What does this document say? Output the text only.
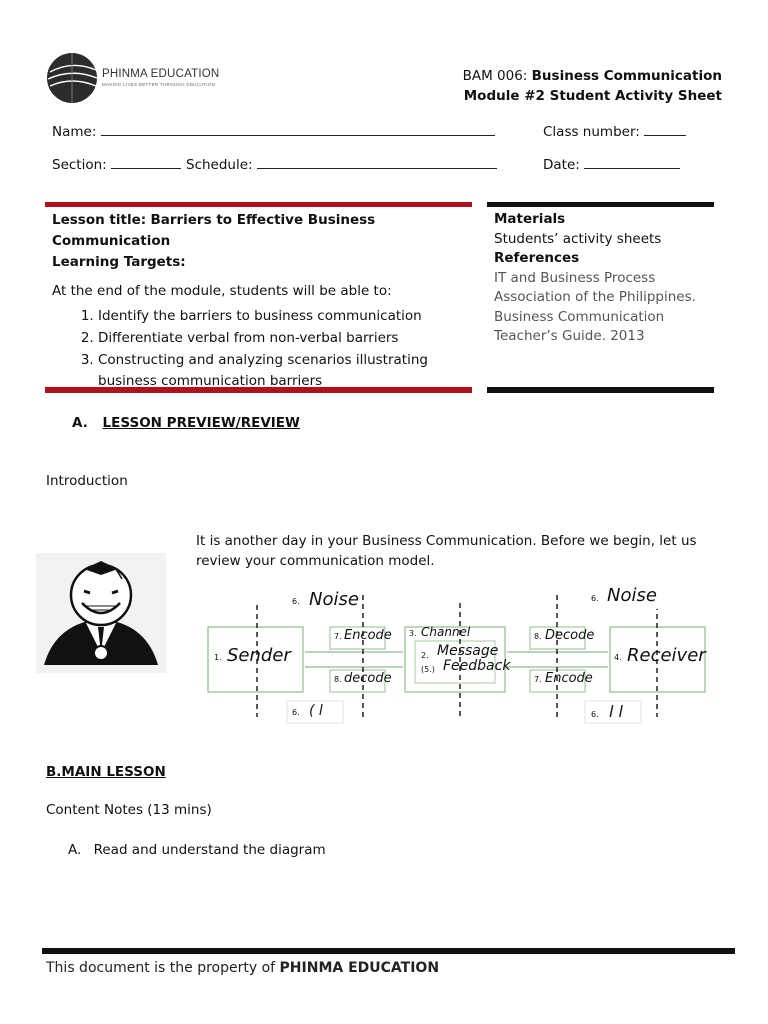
PHINMA EDUCATION
MAKING LIVES BETTER THROUGH EDUCATION
BAM 006: Business Communication
Module #2 Student Activity Sheet
Name:	Class number:
Section:	Schedule:	Date:
Lesson title: Barriers to Effective Business Communication
Learning Targets:
At the end of the module, students will be able to:
1. Identify the barriers to business communication
2. Differentiate verbal from non-verbal barriers
3. Constructing and analyzing scenarios illustrating business communication barriers
Materials
Students’ activity sheets
References
IT and Business Process Association of the Philippines. Business Communication Teacher’s Guide. 2013
A. LESSON PREVIEW/REVIEW
Introduction
It is another day in your Business Communication. Before we begin, let us review your communication model.
6. Noise
1. Sender
7. Encode
8. decode
3. Channel
2. Message
(5.) Feedback
8. Decode
7. Encode
6. Noise
4. Receiver
6. ( l	6. l l
B.MAIN LESSON
Content Notes (13 mins)
A. Read and understand the diagram
This document is the property of PHINMA EDUCATION
